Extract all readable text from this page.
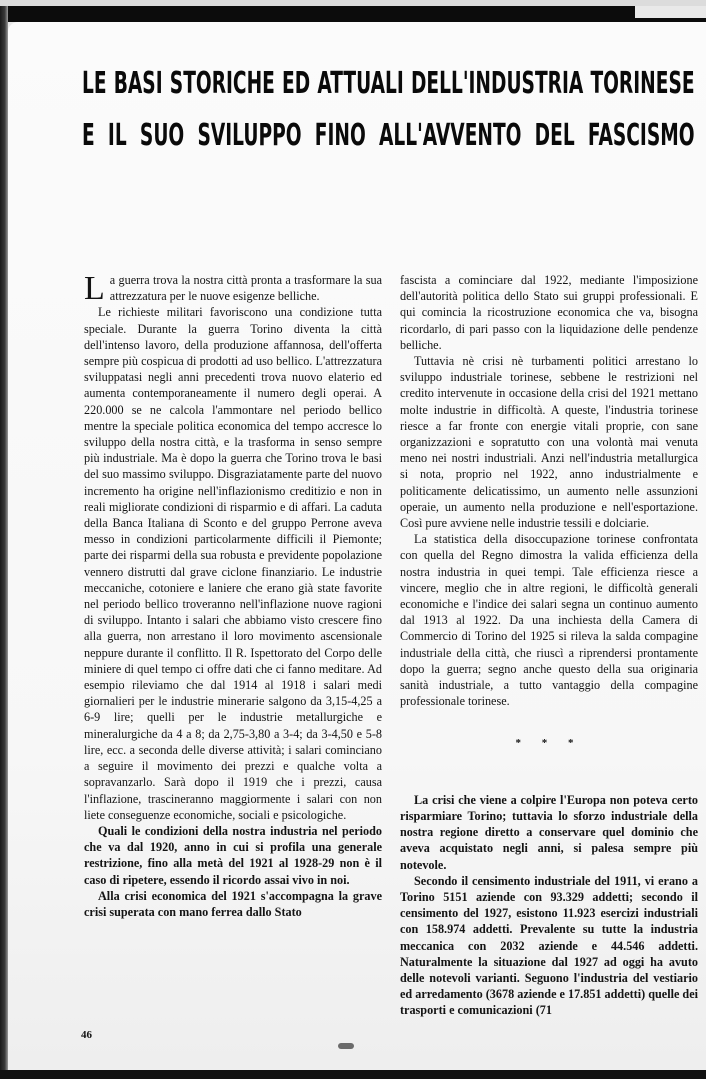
LE BASI STORICHE ED ATTUALI DELL'INDUSTRIA TORINESE
E IL SUO SVILUPPO FINO ALL'AVVENTO DEL FASCISMO

La guerra trova la nostra città pronta a trasformare la sua attrezzatura per le nuove esigenze belliche.

Le richieste militari favoriscono una condizione tutta speciale. Durante la guerra Torino diventa la città dell'intenso lavoro, della produzione affannosa, dell'offerta sempre più cospicua di prodotti ad uso bellico. L'attrezzatura sviluppatasi negli anni precedenti trova nuovo elaterio ed aumenta contemporaneamente il numero degli operai. A 220.000 se ne calcola l'ammontare nel periodo bellico mentre la speciale politica economica del tempo accresce lo sviluppo della nostra città, e la trasforma in senso sempre più industriale. Ma è dopo la guerra che Torino trova le basi del suo massimo sviluppo. Disgraziatamente parte del nuovo incremento ha origine nell'inflazionismo creditizio e non in reali migliorate condizioni di risparmio e di affari. La caduta della Banca Italiana di Sconto e del gruppo Perrone aveva messo in condizioni particolarmente difficili il Piemonte; parte dei risparmi della sua robusta e previdente popolazione vennero distrutti dal grave ciclone finanziario. Le industrie meccaniche, cotoniere e laniere che erano già state favorite nel periodo bellico troveranno nell'inflazione nuove ragioni di sviluppo. Intanto i salari che abbiamo visto crescere fino alla guerra, non arrestano il loro movimento ascensionale neppure durante il conflitto. Il R. Ispettorato del Corpo delle miniere di quel tempo ci offre dati che ci fanno meditare. Ad esempio rileviamo che dal 1914 al 1918 i salari medi giornalieri per le industrie minerarie salgono da 3,15-4,25 a 6-9 lire; quelli per le industrie metallurgiche e mineralurgiche da 4 a 8; da 2,75-3,80 a 3-4; da 3-4,50 e 5-8 lire, ecc. a seconda delle diverse attività; i salari cominciano a seguire il movimento dei prezzi e qualche volta a sopravanzarlo. Sarà dopo il 1919 che i prezzi, causa l'inflazione, trascineranno maggiormente i salari con non liete conseguenze economiche, sociali e psicologiche.

Quali le condizioni della nostra industria nel periodo che va dal 1920, anno in cui si profila una generale restrizione, fino alla metà del 1921 al 1928-29 non è il caso di ripetere, essendo il ricordo assai vivo in noi.

Alla crisi economica del 1921 s'accompagna la grave crisi superata con mano ferrea dallo Stato

fascista a cominciare dal 1922, mediante l'imposizione dell'autorità politica dello Stato sui gruppi professionali. E qui comincia la ricostruzione economica che va, bisogna ricordarlo, di pari passo con la liquidazione delle pendenze belliche.

Tuttavia nè crisi nè turbamenti politici arrestano lo sviluppo industriale torinese, sebbene le restrizioni nel credito intervenute in occasione della crisi del 1921 mettano molte industrie in difficoltà. A queste, l'industria torinese riesce a far fronte con energie vitali proprie, con sane organizzazioni e sopratutto con una volontà mai venuta meno nei nostri industriali. Anzi nell'industria metallurgica si nota, proprio nel 1922, anno industrialmente e politicamente delicatissimo, un aumento nelle assunzioni operaie, un aumento nella produzione e nell'esportazione. Così pure avviene nelle industrie tessili e dolciarie.

La statistica della disoccupazione torinese confrontata con quella del Regno dimostra la valida efficienza della nostra industria in quei tempi. Tale efficienza riesce a vincere, meglio che in altre regioni, le difficoltà generali economiche e l'indice dei salari segna un continuo aumento dal 1913 al 1922. Da una inchiesta della Camera di Commercio di Torino del 1925 si rileva la salda compagine industriale della città, che riuscì a riprendersi prontamente dopo la guerra; segno anche questo della sua originaria sanità industriale, a tutto vantaggio della compagine professionale torinese.

* * *

La crisi che viene a colpire l'Europa non poteva certo risparmiare Torino; tuttavia lo sforzo industriale della nostra regione diretto a conservare quel dominio che aveva acquistato negli anni, si palesa sempre più notevole.

Secondo il censimento industriale del 1911, vi erano a Torino 5151 aziende con 93.329 addetti; secondo il censimento del 1927, esistono 11.923 esercizi industriali con 158.974 addetti. Prevalente su tutte la industria meccanica con 2032 aziende e 44.546 addetti. Naturalmente la situazione dal 1927 ad oggi ha avuto delle notevoli varianti. Seguono l'industria del vestiario ed arredamento (3678 aziende e 17.851 addetti) quelle dei trasporti e comunicazioni (71

46
